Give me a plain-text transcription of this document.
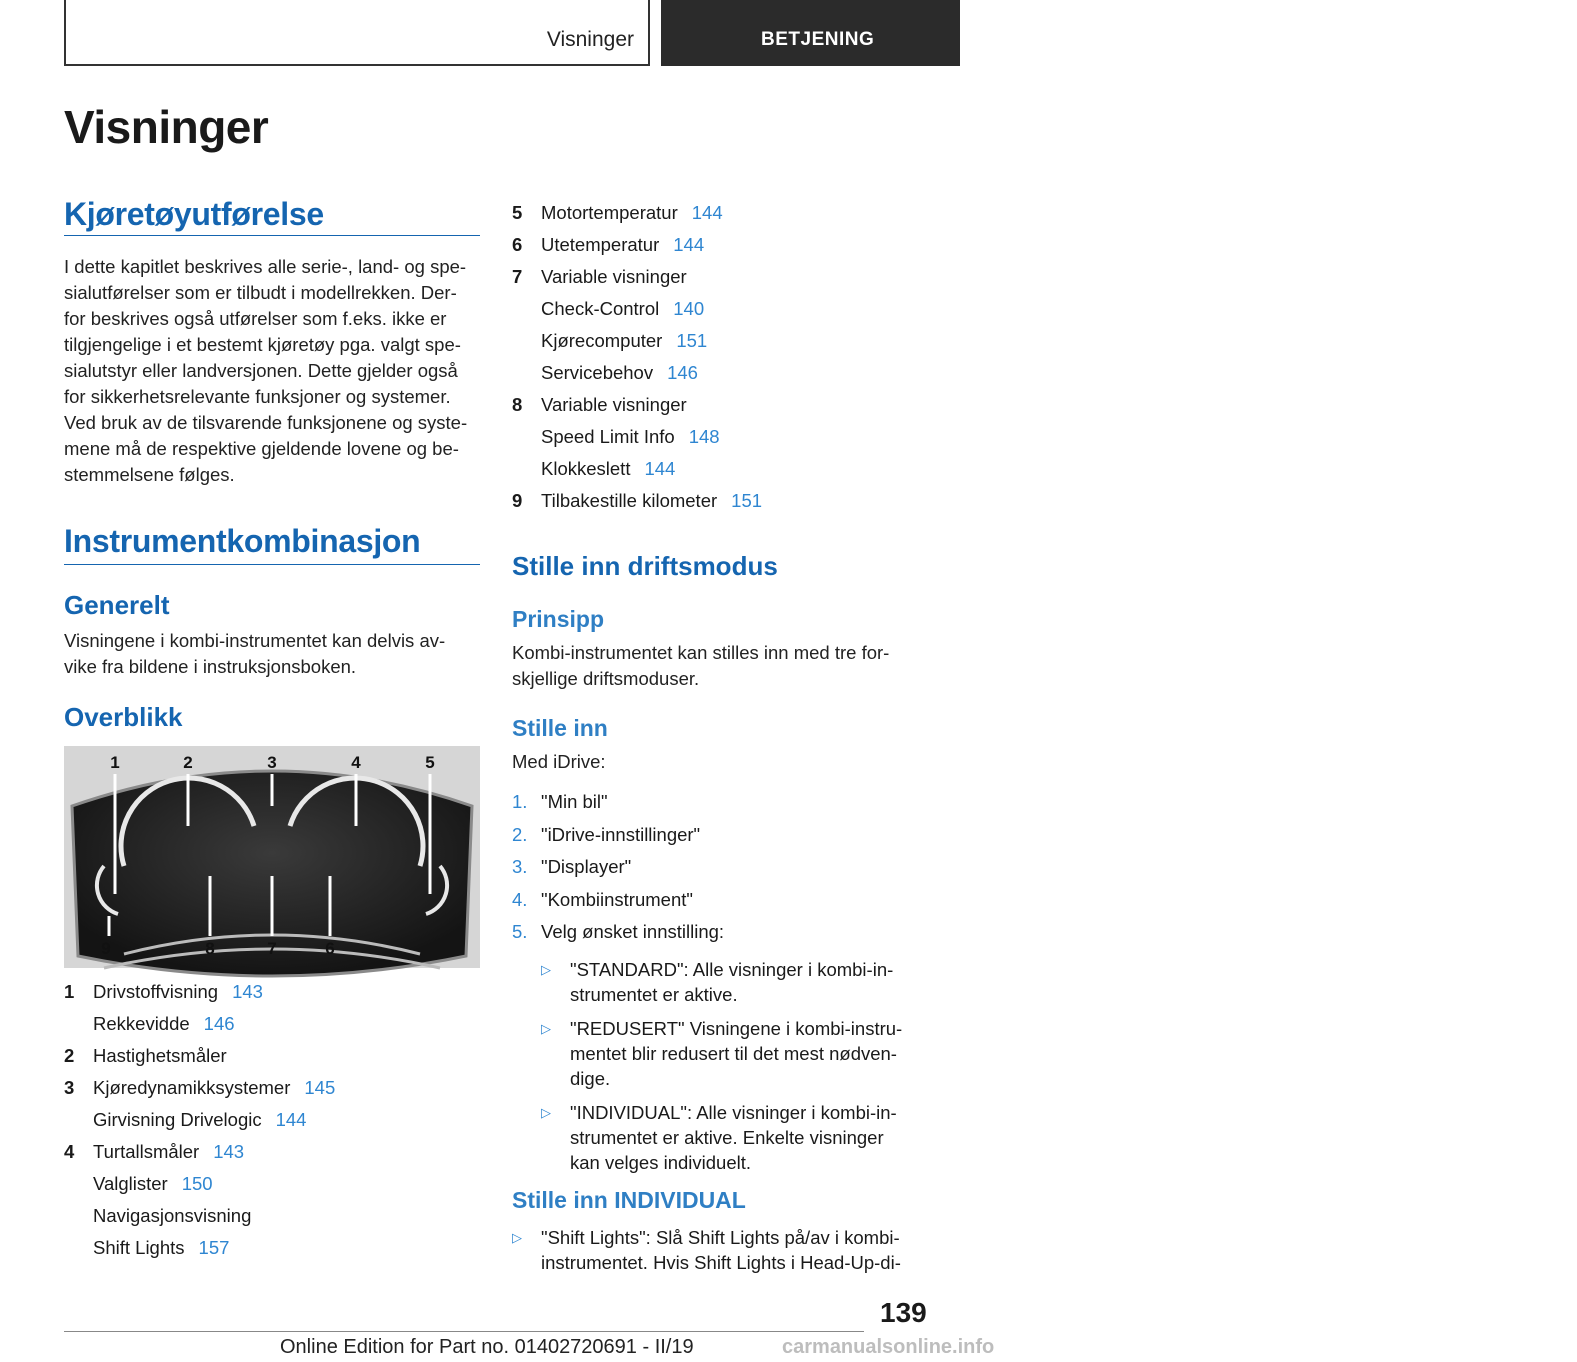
Visninger	BETJENING
Visninger
Kjøretøyutførelse
I dette kapitlet beskrives alle serie-, land- og spe-
sialutførelser som er tilbudt i modellrekken. Der-
for beskrives også utførelser som f.eks. ikke er
tilgjengelige i et bestemt kjøretøy pga. valgt spe-
sialutstyr eller landversjonen. Dette gjelder også
for sikkerhetsrelevante funksjoner og systemer.
Ved bruk av de tilsvarende funksjonene og syste-
mene må de respektive gjeldende lovene og be-
stemmelsene følges.
Instrumentkombinasjon
Generelt
Visningene i kombi-instrumentet kan delvis av-
vike fra bildene i instruksjonsboken.
Overblikk
1	2	3	4	5
9	8	7	6
1 Drivstoffvisning 143
Rekkevidde 146
2 Hastighetsmåler
3 Kjøredynamikksystemer 145
Girvisning Drivelogic 144
4 Turtallsmåler 143
Valglister 150
Navigasjonsvisning
Shift Lights 157
5 Motortemperatur 144
6 Utetemperatur 144
7 Variable visninger
Check-Control 140
Kjørecomputer 151
Servicebehov 146
8 Variable visninger
Speed Limit Info 148
Klokkeslett 144
9 Tilbakestille kilometer 151
Stille inn driftsmodus
Prinsipp
Kombi-instrumentet kan stilles inn med tre for-
skjellige driftsmoduser.
Stille inn
Med iDrive:
1. "Min bil"
2. "iDrive-innstillinger"
3. "Displayer"
4. "Kombiinstrument"
5. Velg ønsket innstilling:
▷ "STANDARD": Alle visninger i kombi-in-
strumentet er aktive.
▷ "REDUSERT" Visningene i kombi-instru-
mentet blir redusert til det mest nødven-
dige.
▷ "INDIVIDUAL": Alle visninger i kombi-in-
strumentet er aktive. Enkelte visninger
kan velges individuelt.
Stille inn INDIVIDUAL
▷ "Shift Lights": Slå Shift Lights på/av i kombi-
instrumentet. Hvis Shift Lights i Head-Up-di-
139
Online Edition for Part no. 01402720691 - II/19	carmanualsonline.info
